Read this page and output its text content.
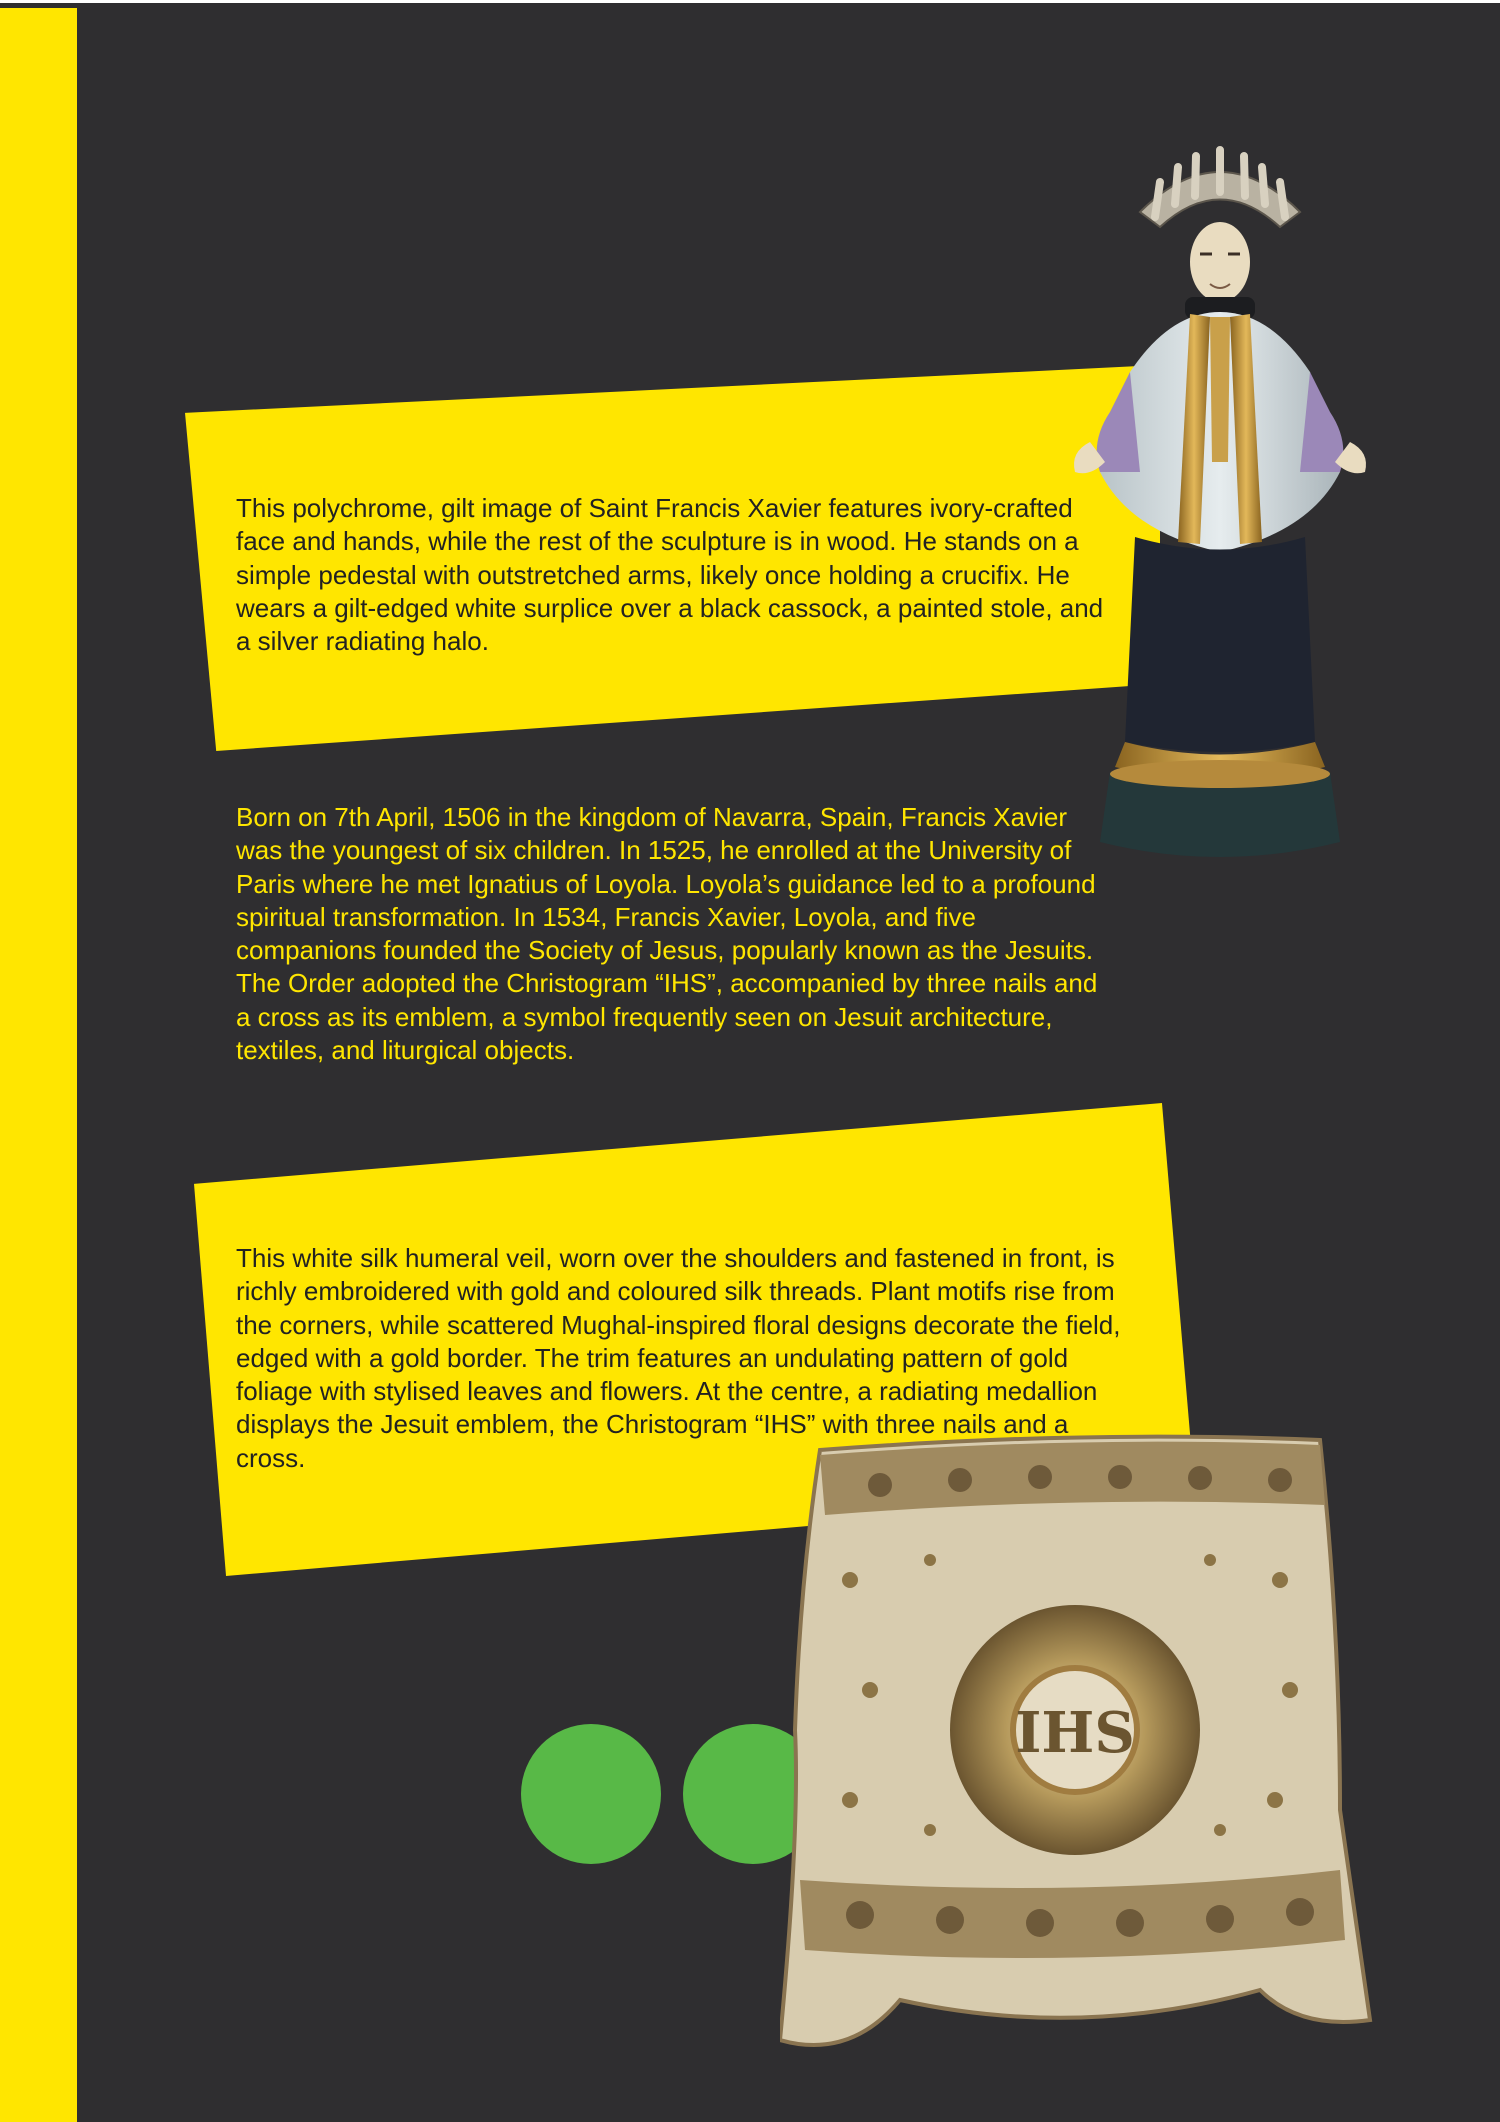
This polychrome, gilt image of Saint Francis Xavier features ivory-crafted face and hands, while the rest of the sculpture is in wood. He stands on a simple pedestal with outstretched arms, likely once holding a crucifix. He wears a gilt-edged white surplice over a black cassock, a painted stole, and a silver radiating halo.

Born on 7th April, 1506 in the kingdom of Navarra, Spain, Francis Xavier was the youngest of six children. In 1525, he enrolled at the University of Paris where he met Ignatius of Loyola. Loyola’s guidance led to a profound spiritual transformation. In 1534, Francis Xavier, Loyola, and five companions founded the Society of Jesus, popularly known as the Jesuits. The Order adopted the Christogram “IHS”, accompanied by three nails and a cross as its emblem, a symbol frequently seen on Jesuit architecture, textiles, and liturgical objects.

This white silk humeral veil, worn over the shoulders and fastened in front, is richly embroidered with gold and coloured silk threads. Plant motifs rise from the corners, while scattered Mughal-inspired floral designs decorate the field, edged with a gold border. The trim features an undulating pattern of gold foliage with stylised leaves and flowers. At the centre, a radiating medallion displays the Jesuit emblem, the Christogram “IHS” with three nails and a cross.

IHS
